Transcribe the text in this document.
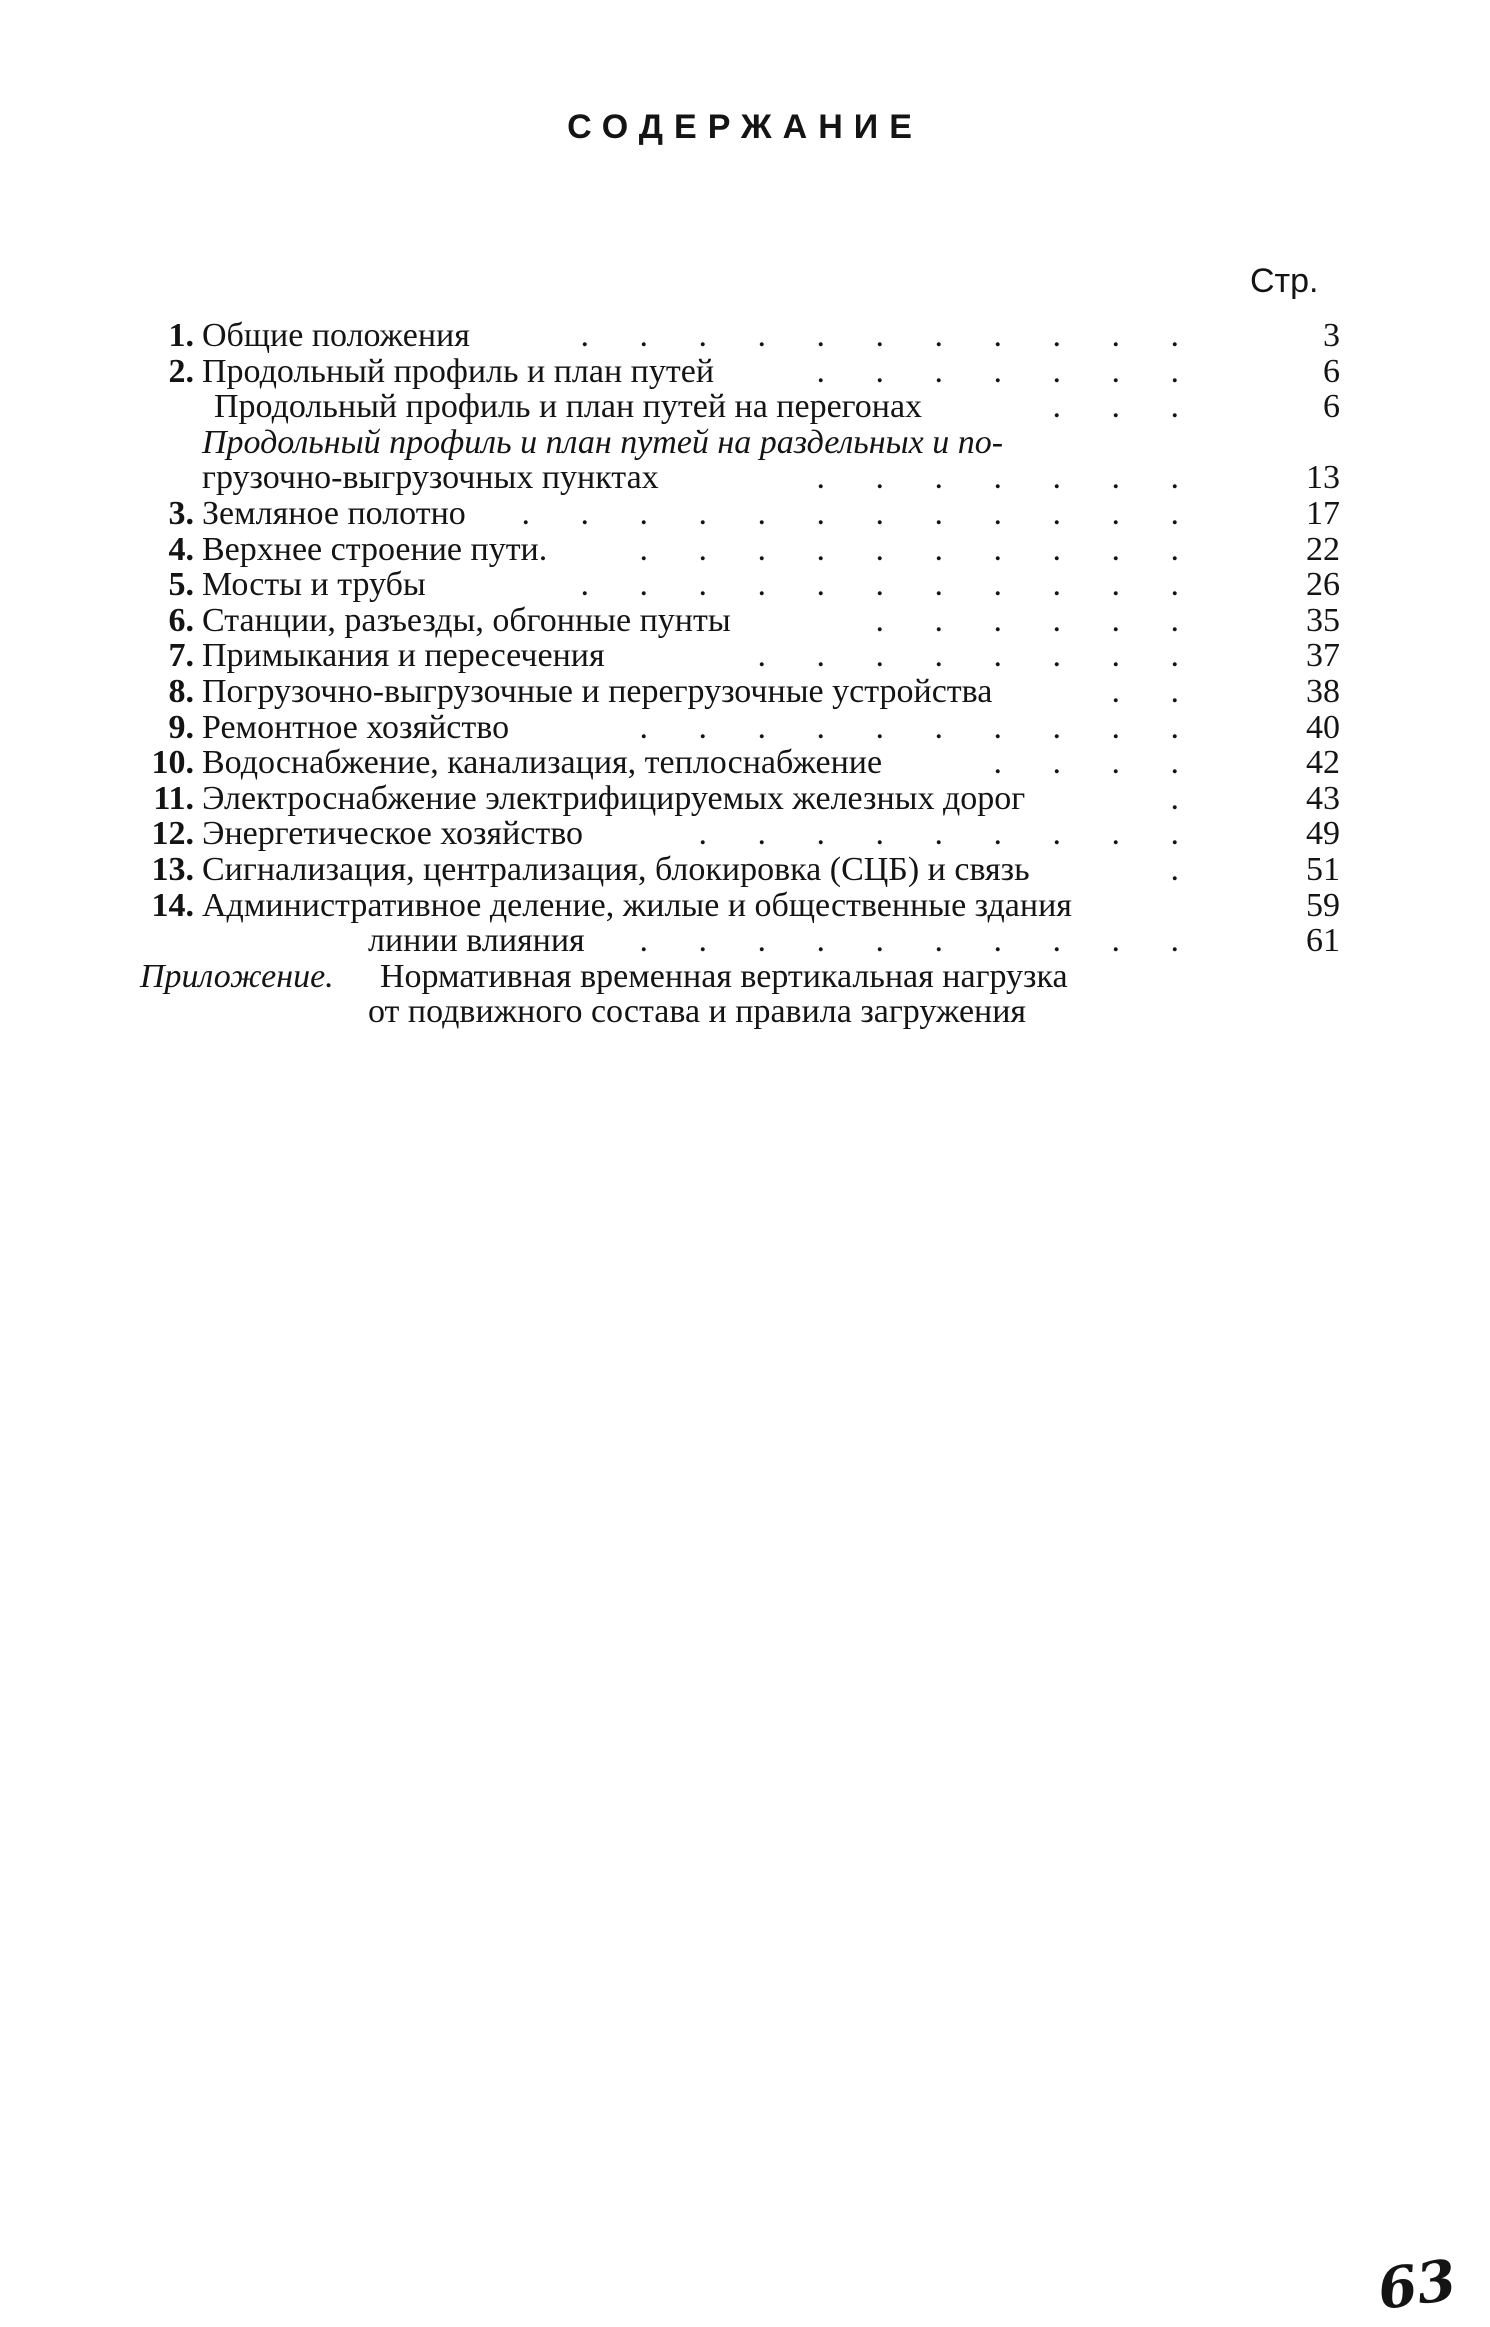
СОДЕРЖАНИЕ
Стр.
1. Общие положения	. . . . . . . . . . .	3
2. Продольный профиль и план путей	. . . . . . .	6
Продольный профиль и план путей на перегонах	. . .	6
Продольный профиль и план путей на раздельных и по-
грузочно-выгрузочных пунктах	. . . . . . .	13
3. Земляное полотно . . . . . . . . . . . .	17
4. Верхнее строение пути.	. . . . . . . . . .	22
5. Мосты и трубы	. . . . . . . . . . .	26
6. Станции, разъезды, обгонные пунты	. . . . . .	35
7. Примыкания и пересечения	. . . . . . . .	37
8. Погрузочно-выгрузочные и перегрузочные устройства	. .	38
9. Ремонтное хозяйство	. . . . . . . . . .	40
10. Водоснабжение, канализация, теплоснабжение	. . . .	42
11. Электроснабжение электрифицируемых железных дорог	.	43
12. Энергетическое хозяйство	. . . . . . . . .	49
13. Сигнализация, централизация, блокировка (СЦБ) и связь	.	51
14. Административное деление, жилые и общественные здания	59
линии влияния . . . . . . . . . .	61
Приложение. Нормативная временная вертикальная нагрузка
от подвижного состава и правила загружения
63
